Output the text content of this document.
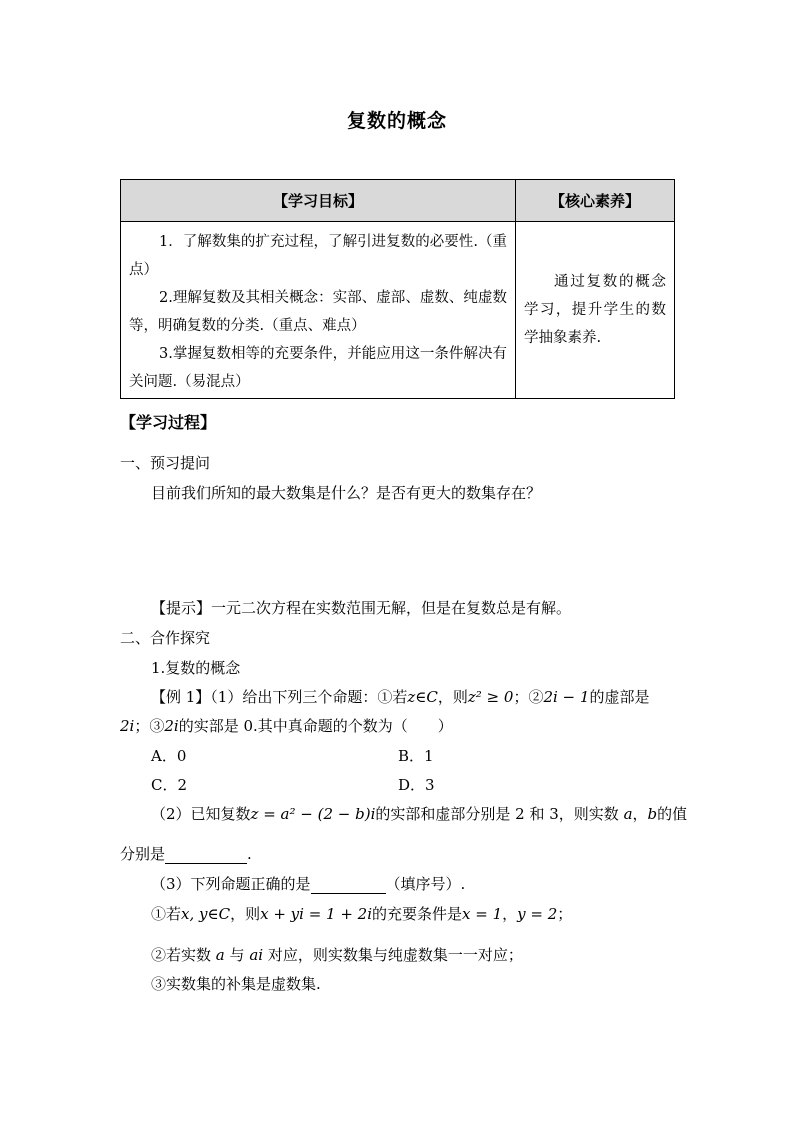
复数的概念
【学习目标】	【核心素养】

1．了解数集的扩充过程，了解引进复数的必要性.（重点）

2.理解复数及其相关概念：实部、虚部、虚数、纯虚数等，明确复数的分类.（重点、难点）

3.掌握复数相等的充要条件，并能应用这一条件解决有关问题.（易混点）	通过复数的概念学习，提升学生的数学抽象素养.

【学习过程】
一、预习提问
目前我们所知的最大数集是什么？是否有更大的数集存在？
【提示】一元二次方程在实数范围无解，但是在复数总是有解。
二、合作探究
1.复数的概念
【例 1】（1）给出下列三个命题：①若z∈C，则z² ≥ 0；②2i − 1的虚部是
2i；③2i的实部是 0.其中真命题的个数为（　　）
A．0	B．1
C．2	D．3
（2）已知复数z = a² − (2 − b)i的实部和虚部分别是 2 和 3，则实数 a，b的值
分别是	.
（3）下列命题正确的是	（填序号）.
①若x, y∈C，则x + yi = 1 + 2i的充要条件是x = 1，y = 2；
②若实数 a 与 ai 对应，则实数集与纯虚数集一一对应；
③实数集的补集是虚数集.
